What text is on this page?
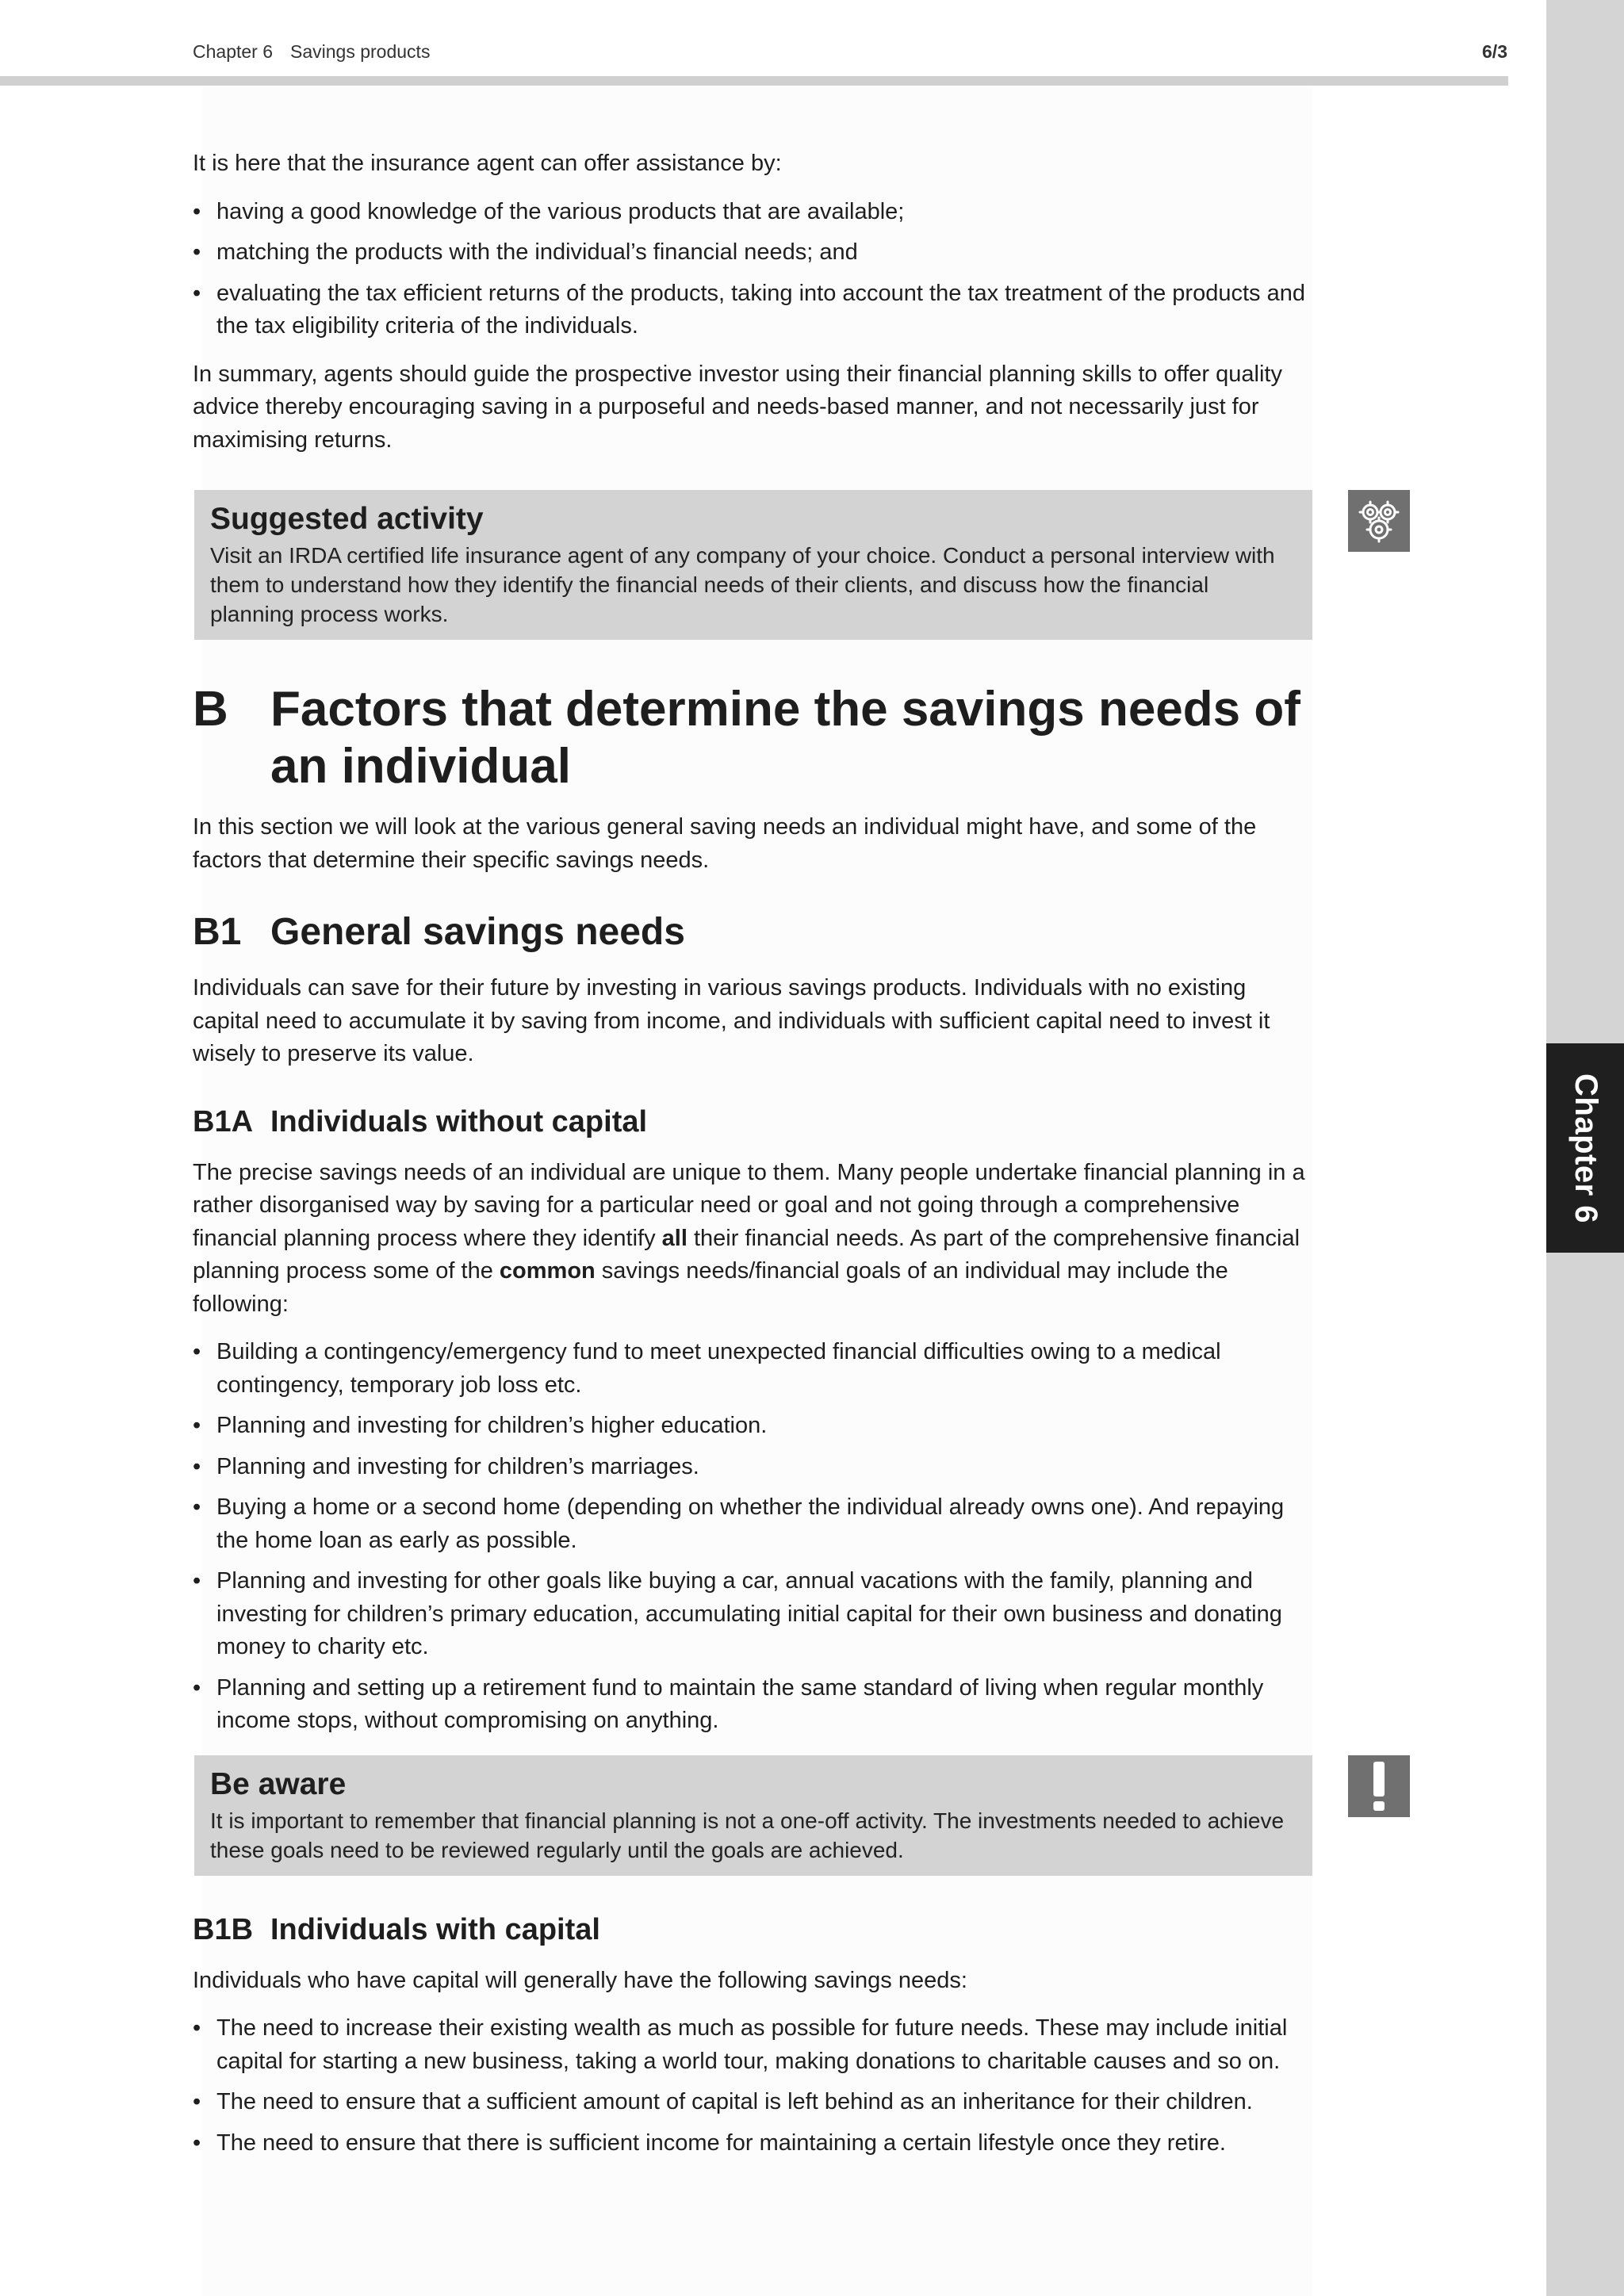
Chapter 6
Chapter 6 Savings products	6/3

It is here that the insurance agent can offer assistance by:

• having a good knowledge of the various products that are available;
• matching the products with the individual’s financial needs; and
• evaluating the tax efficient returns of the products, taking into account the tax treatment of the products and the tax eligibility criteria of the individuals.

In summary, agents should guide the prospective investor using their financial planning skills to offer quality advice thereby encouraging saving in a purposeful and needs-based manner, and not necessarily just for maximising returns.

Suggested activity

Visit an IRDA certified life insurance agent of any company of your choice. Conduct a personal interview with them to understand how they identify the financial needs of their clients, and discuss how the financial planning process works.

B Factors that determine the savings needs of an individual

In this section we will look at the various general saving needs an individual might have, and some of the factors that determine their specific savings needs.

B1 General savings needs

Individuals can save for their future by investing in various savings products. Individuals with no existing capital need to accumulate it by saving from income, and individuals with sufficient capital need to invest it wisely to preserve its value.

B1A Individuals without capital

The precise savings needs of an individual are unique to them. Many people undertake financial planning in a rather disorganised way by saving for a particular need or goal and not going through a comprehensive financial planning process where they identify all their financial needs. As part of the comprehensive financial planning process some of the common savings needs/financial goals of an individual may include the following:

• Building a contingency/emergency fund to meet unexpected financial difficulties owing to a medical contingency, temporary job loss etc.
• Planning and investing for children’s higher education.
• Planning and investing for children’s marriages.
• Buying a home or a second home (depending on whether the individual already owns one). And repaying the home loan as early as possible.
• Planning and investing for other goals like buying a car, annual vacations with the family, planning and investing for children’s primary education, accumulating initial capital for their own business and donating money to charity etc.
• Planning and setting up a retirement fund to maintain the same standard of living when regular monthly income stops, without compromising on anything.
Be aware

It is important to remember that financial planning is not a one-off activity. The investments needed to achieve these goals need to be reviewed regularly until the goals are achieved.

B1B Individuals with capital

Individuals who have capital will generally have the following savings needs:

• The need to increase their existing wealth as much as possible for future needs. These may include initial capital for starting a new business, taking a world tour, making donations to charitable causes and so on.
• The need to ensure that a sufficient amount of capital is left behind as an inheritance for their children.
• The need to ensure that there is sufficient income for maintaining a certain lifestyle once they retire.
